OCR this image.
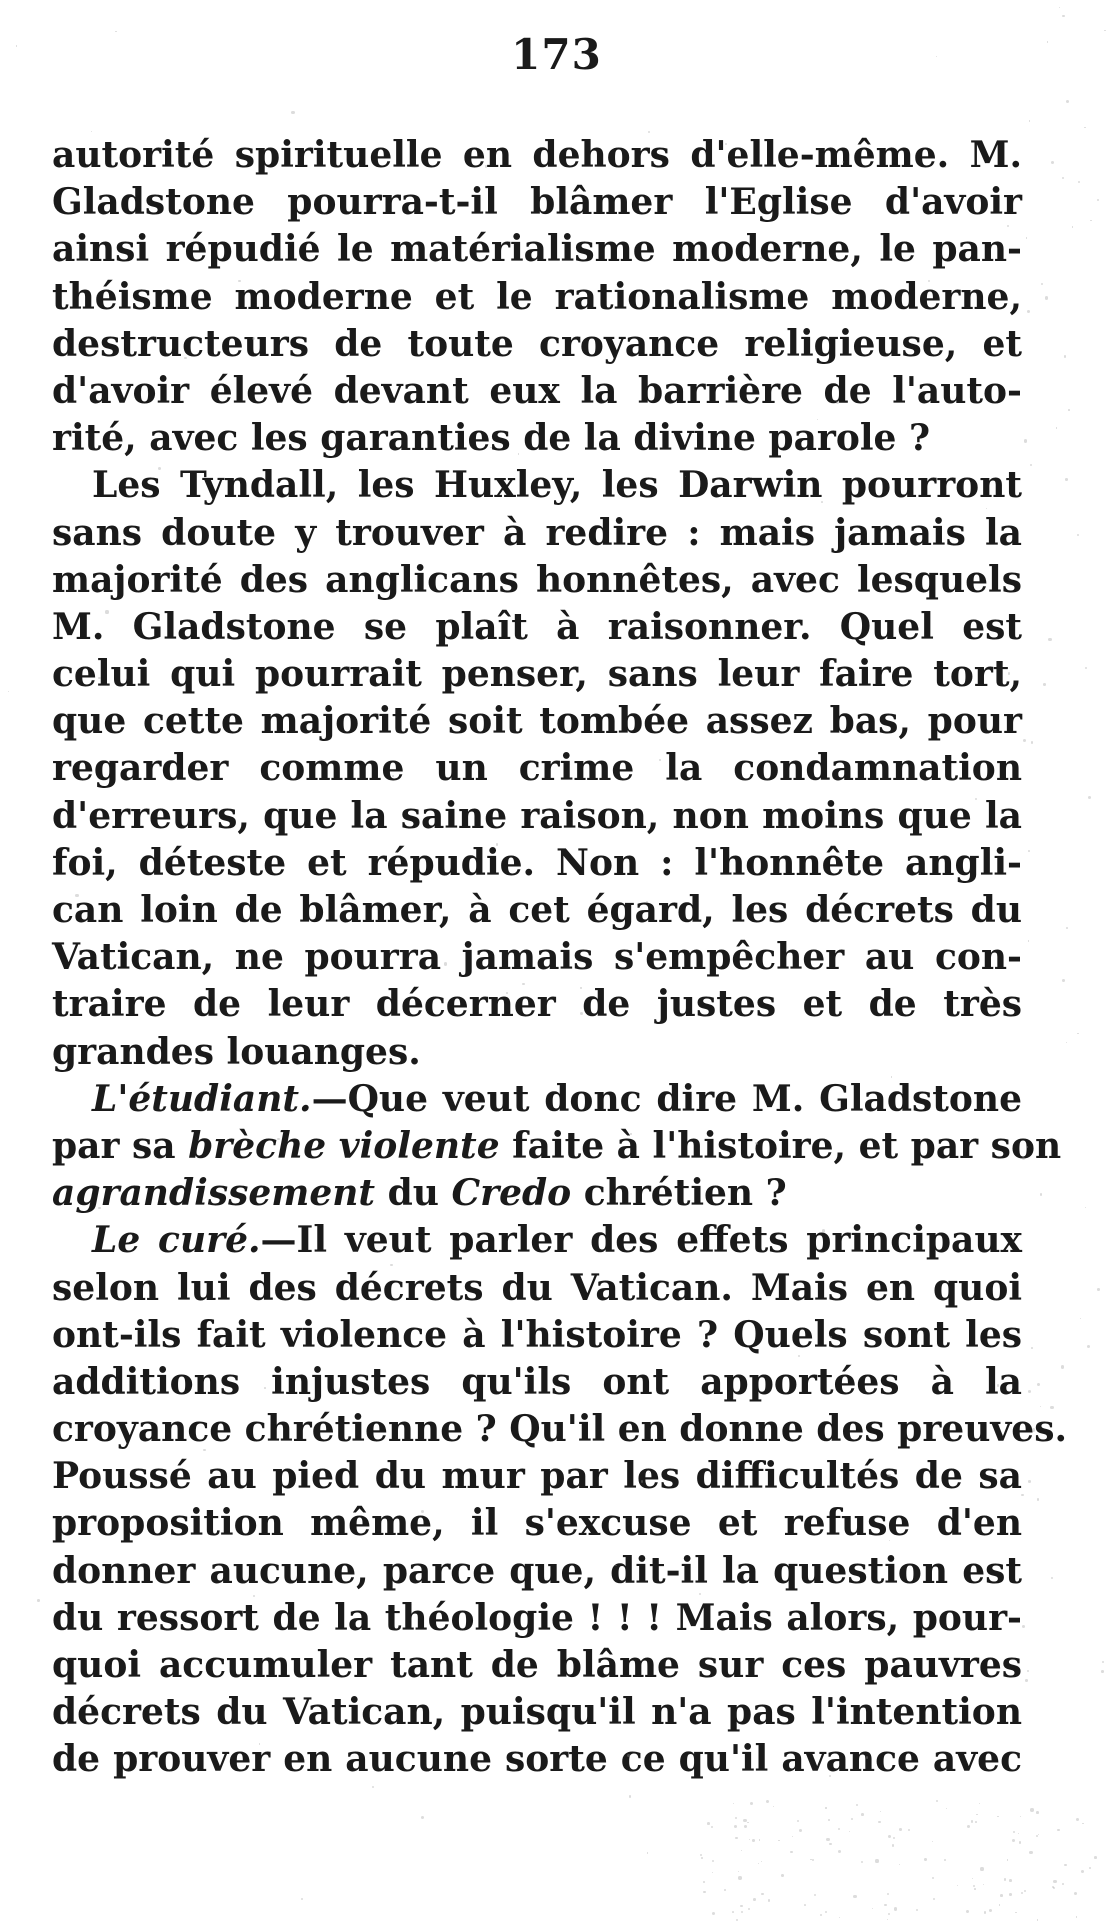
173
autorité spirituelle en dehors d'elle-même. M.
Gladstone pourra-t-il blâmer l'Eglise d'avoir
ainsi répudié le matérialisme moderne, le pan-
théisme moderne et le rationalisme moderne,
destructeurs de toute croyance religieuse, et
d'avoir élevé devant eux la barrière de l'auto-
rité, avec les garanties de la divine parole ?
Les Tyndall, les Huxley, les Darwin pourront
sans doute y trouver à redire : mais jamais la
majorité des anglicans honnêtes, avec lesquels
M. Gladstone se plaît à raisonner. Quel est
celui qui pourrait penser, sans leur faire tort,
que cette majorité soit tombée assez bas, pour
regarder comme un crime la condamnation
d'erreurs, que la saine raison, non moins que la
foi, déteste et répudie. Non : l'honnête angli-
can loin de blâmer, à cet égard, les décrets du
Vatican, ne pourra jamais s'empêcher au con-
traire de leur décerner de justes et de très
grandes louanges.
L'étudiant.—Que veut donc dire M. Gladstone
par sa brèche violente faite à l'histoire, et par son
agrandissement du Credo chrétien ?
Le curé.—Il veut parler des effets principaux
selon lui des décrets du Vatican. Mais en quoi
ont-ils fait violence à l'histoire ? Quels sont les
additions injustes qu'ils ont apportées à la
croyance chrétienne ? Qu'il en donne des preuves.
Poussé au pied du mur par les difficultés de sa
proposition même, il s'excuse et refuse d'en
donner aucune, parce que, dit-il la question est
du ressort de la théologie ! ! ! Mais alors, pour-
quoi accumuler tant de blâme sur ces pauvres
décrets du Vatican, puisqu'il n'a pas l'intention
de prouver en aucune sorte ce qu'il avance avec
